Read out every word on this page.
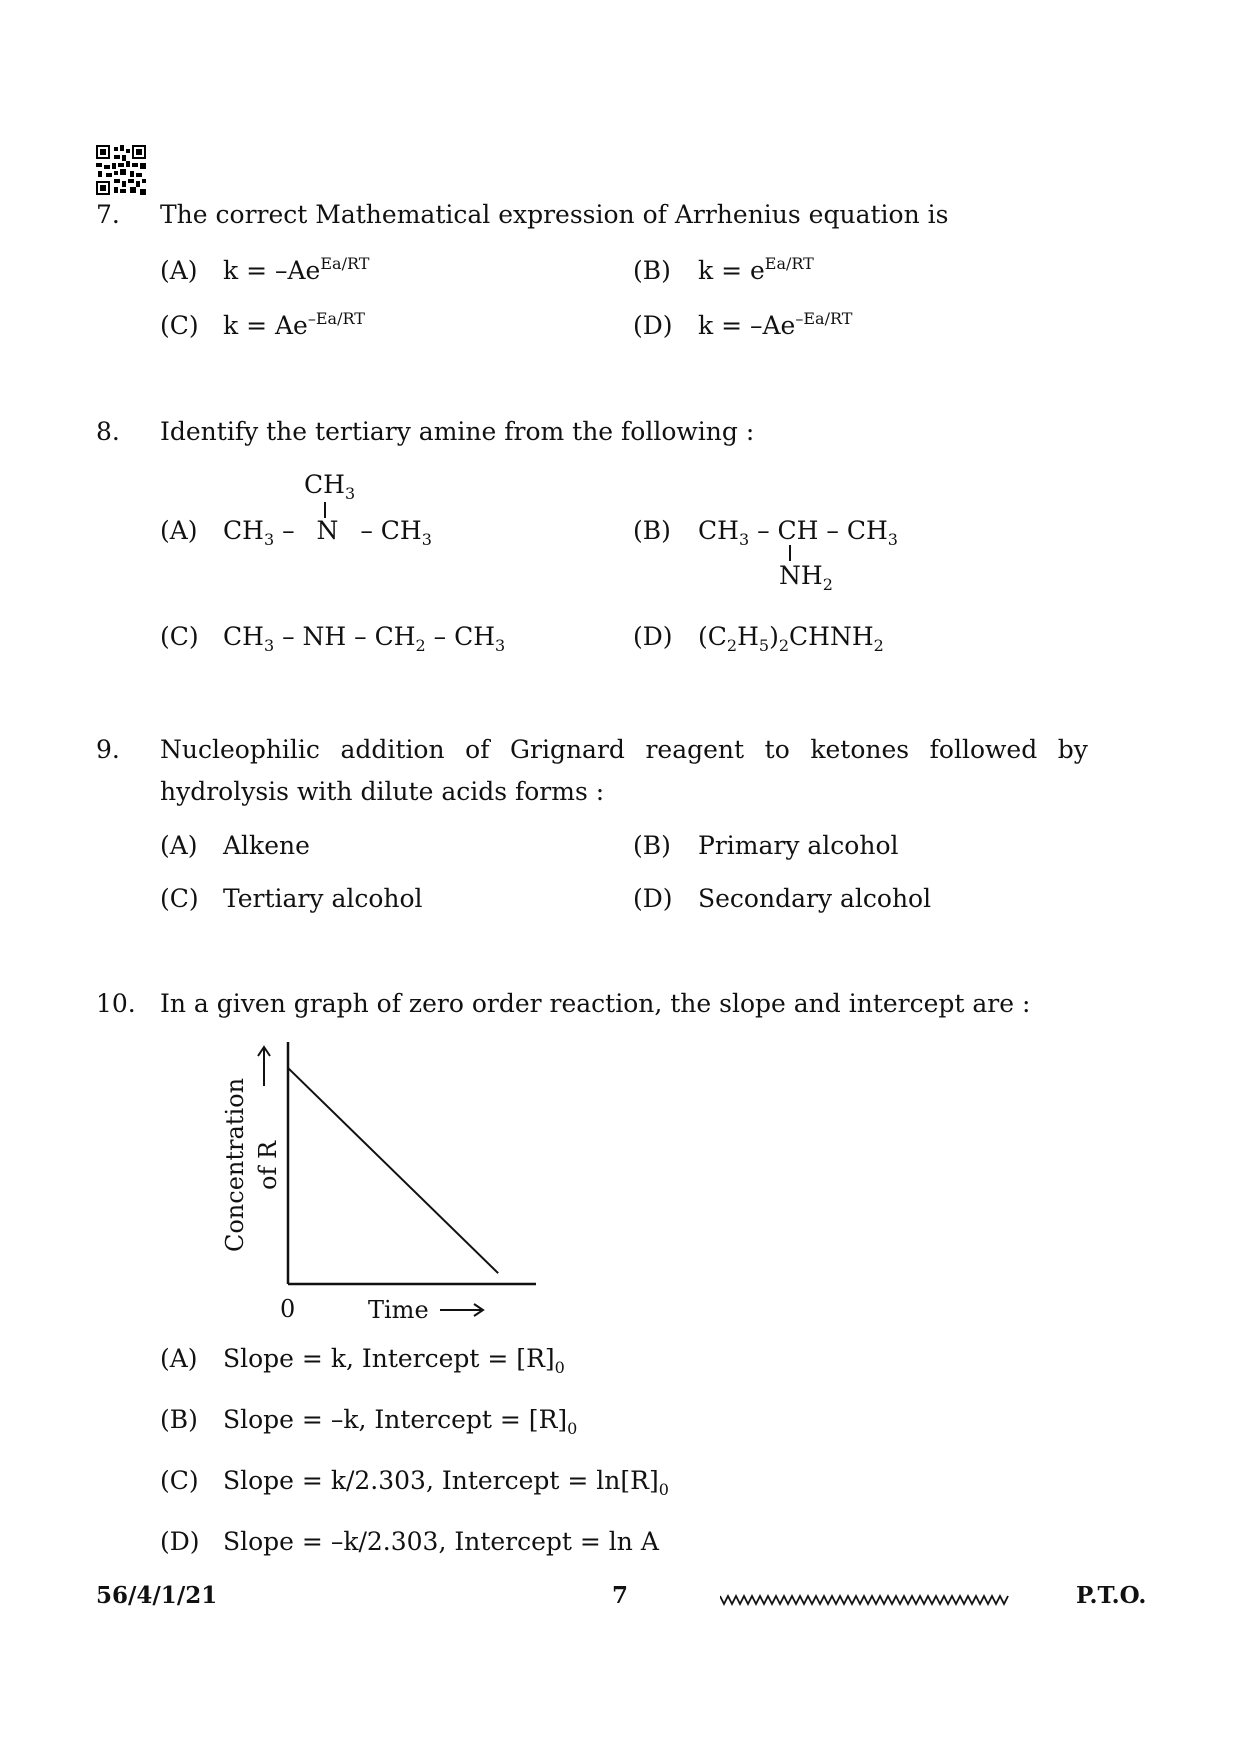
7. The correct Mathematical expression of Arrhenius equation is
(A) $k = -Ae^{Ea/RT}$	(B) $k = e^{Ea/RT}$
(C) $k = Ae^{-Ea/RT}$	(D) $k = -Ae^{-Ea/RT}$
8. Identify the tertiary amine from the following :
(A)
$CH_3$
$CH_3$ – N – $CH_3$	(B) $CH_3$ – CH – $CH_3$
$NH_2$
(C) $CH_3$ – NH – $CH_2 - CH_3$	(D) $(C_2H_5)_2CHNH_2$
9. Nucleophilic addition of Grignard reagent to ketones followed by
hydrolysis with dilute acids forms :
(A) Alkene	(B) Primary alcohol
(C) Tertiary alcohol	(D) Secondary alcohol
10. In a given graph of zero order reaction, the slope and intercept are :
0	Time
Concentration of R
(A) Slope = k, Intercept = $[R]_0$
(B) Slope = –k, Intercept = $[R]_0$
(C) Slope = k/2.303, Intercept = $\ln[R]_0$
(D) Slope = –k/2.303, Intercept = ln A
56/4/1/21	7	P.T.O.
